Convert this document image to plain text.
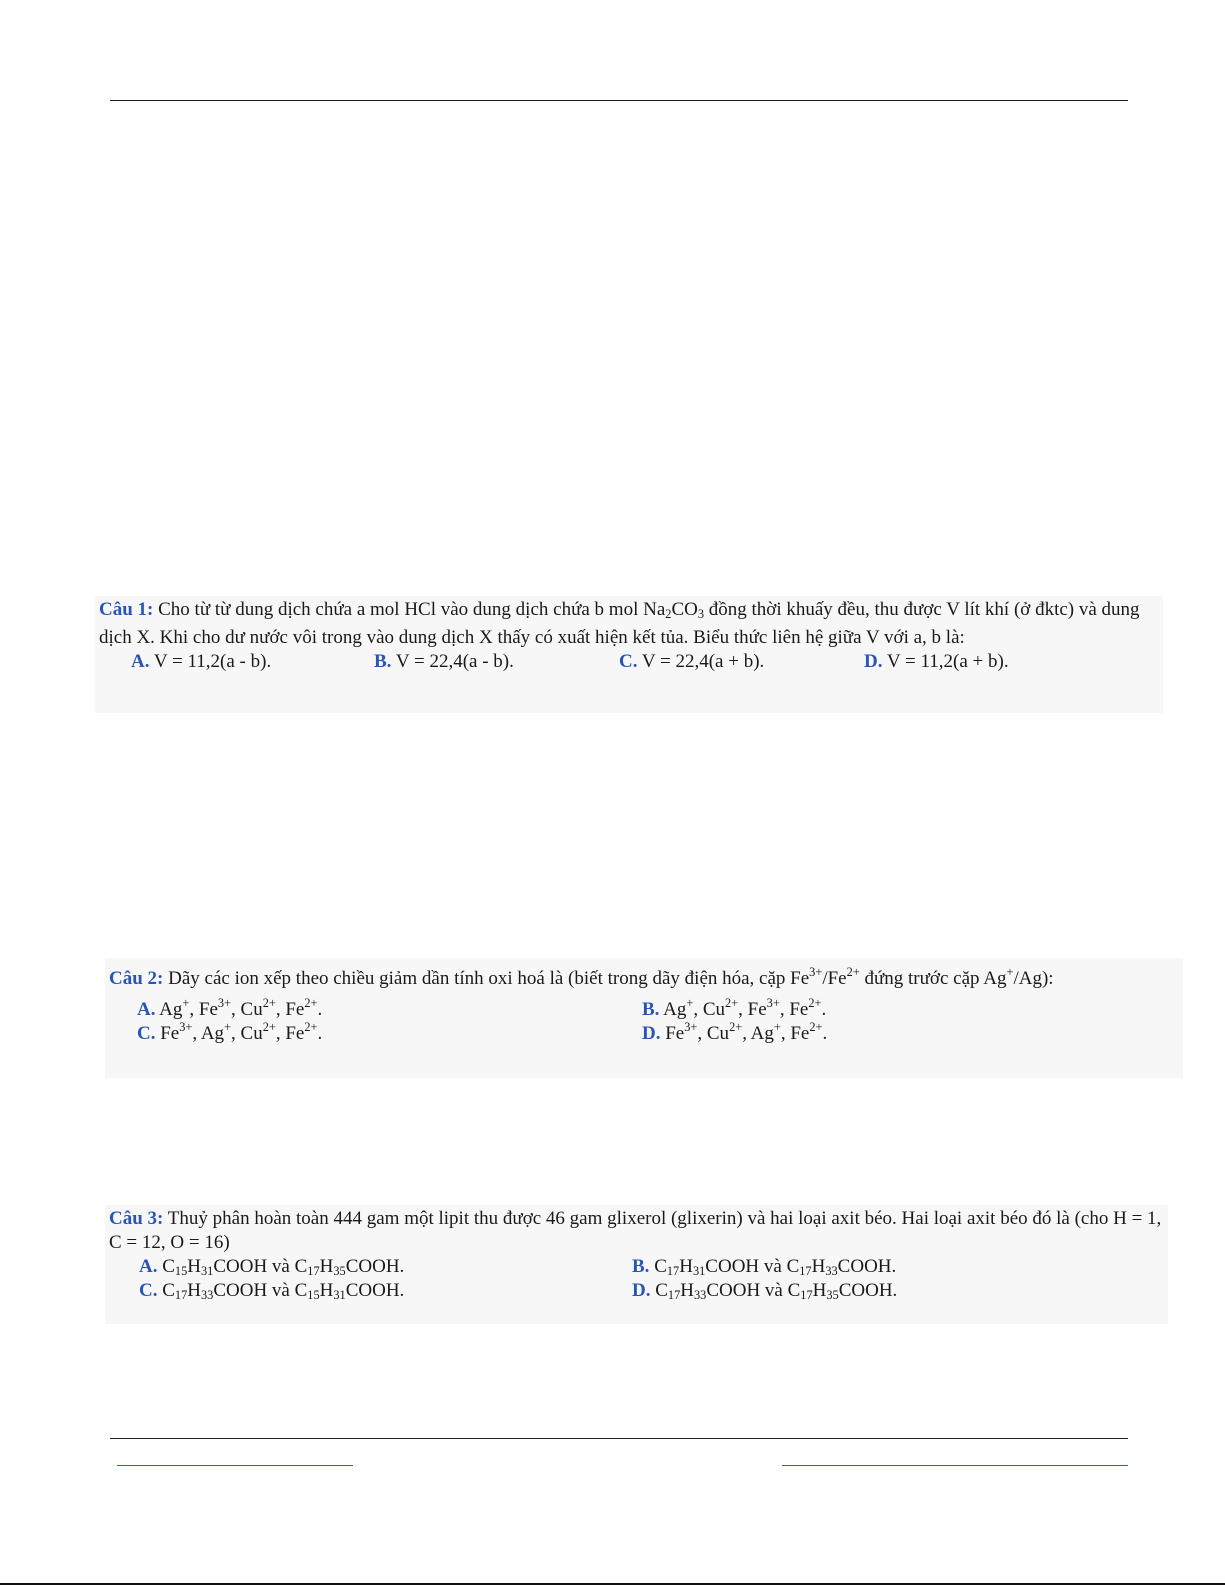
Câu 1: Cho từ từ dung dịch chứa a mol HCl vào dung dịch chứa b mol $Na_2CO_3$ đồng thời khuấy đều, thu được V lít khí (ở đktc) và dung dịch X. Khi cho dư nước vôi trong vào dung dịch X thấy có xuất hiện kết tủa. Biểu thức liên hệ giữa V với a, b là:

A. V = 11,2(a - b).	B. V = 22,4(a - b).	C. V = 22,4(a + b).	D. V = 11,2(a + b).

Câu 2: Dãy các ion xếp theo chiều giảm dần tính oxi hoá là (biết trong dãy điện hóa, cặp $Fe^{3+}/Fe^{2+}$ đứng trước cặp Ag+/Ag):

A. Ag+, $Fe^{3+}$, $Cu^{2+}$, $Fe^{2+}$.	B. Ag+, $Cu^{2+}$, $Fe^{3+}$, $Fe^{2+}$.
C. $Fe^{3+}$, Ag+, $Cu^{2+}$, $Fe^{2+}$.	D. $Fe^{3+}$, $Cu^{2+}$, Ag+, $Fe^{2+}$.

Câu 3: Thuỷ phân hoàn toàn 444 gam một lipit thu được 46 gam glixerol (glixerin) và hai loại axit béo. Hai loại axit béo đó là (cho H = 1, C = 12, O = 16)

A. $C_{15}H_{31}COOH$ và $C_{17}H_{35}COOH$.	B. $C_{17}H_{31}COOH$ và $C_{17}H_{33}COOH$.
C. $C_{17}H_{33}COOH$ và $C_{15}H_{31}COOH$.	D. $C_{17}H_{33}COOH$ và $C_{17}H_{35}COOH$.
